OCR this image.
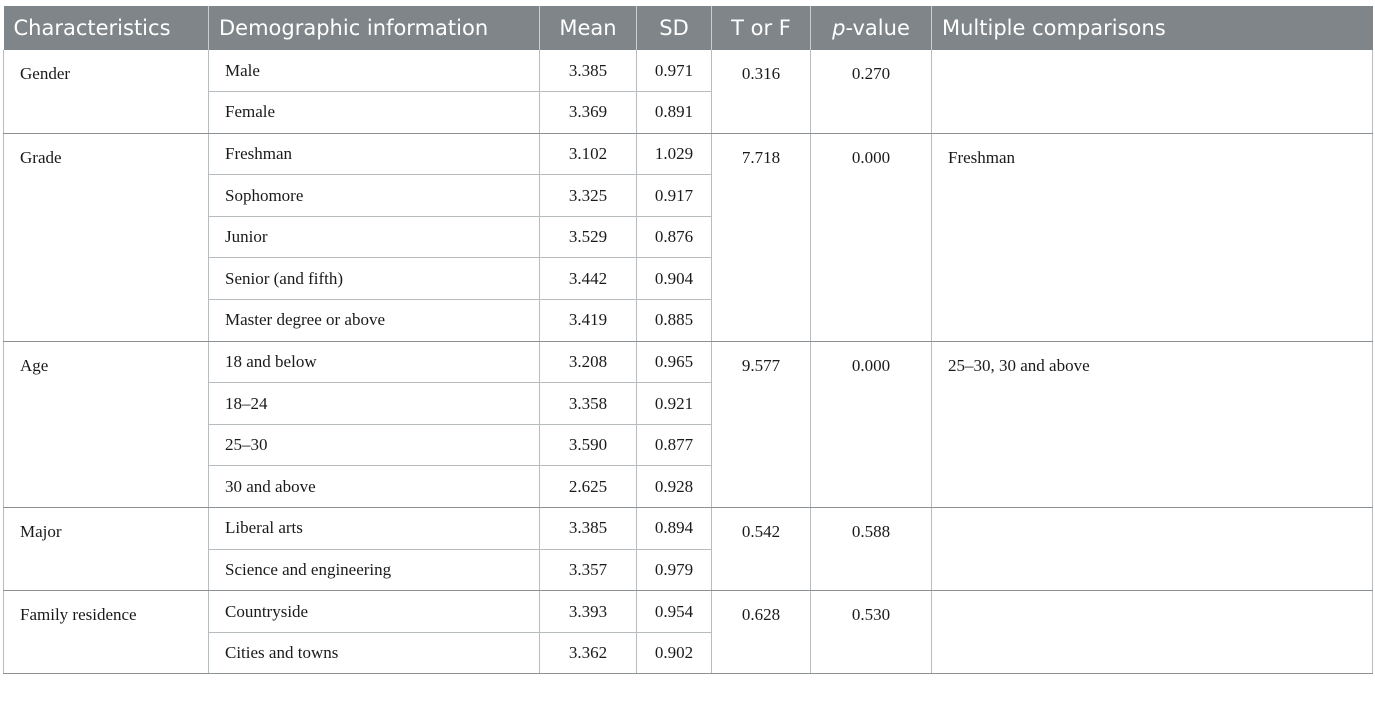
Characteristics	Demographic information	Mean	SD	T or F	p-value	Multiple comparisons
Gender	Male	3.385	0.971	0.316	0.270	
	Female	3.369	0.891			
Grade	Freshman	3.102	1.029	7.718	0.000	Freshman
	Sophomore	3.325	0.917			
	Junior	3.529	0.876			
	Senior (and fifth)	3.442	0.904			
	Master degree or above	3.419	0.885			
Age	18 and below	3.208	0.965	9.577	0.000	25–30, 30 and above
	18–24	3.358	0.921			
	25–30	3.590	0.877			
	30 and above	2.625	0.928			
Major	Liberal arts	3.385	0.894	0.542	0.588	
	Science and engineering	3.357	0.979			
Family residence	Countryside	3.393	0.954	0.628	0.530	
	Cities and towns	3.362	0.902			
